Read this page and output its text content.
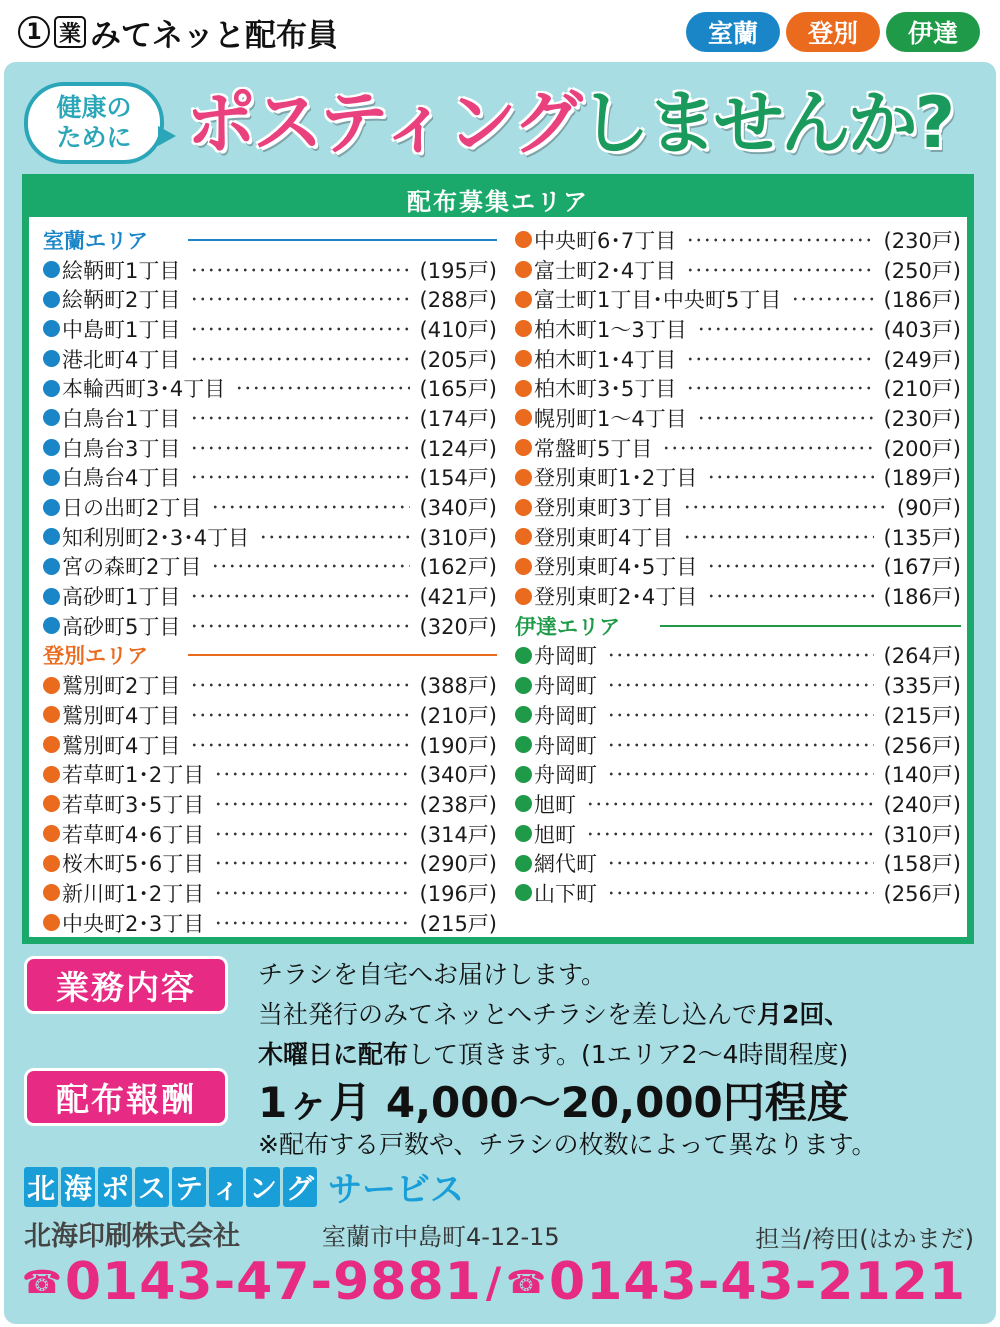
1 業 みてネッと配布員	室蘭	登別	伊達
健康の
ために ポスティングしませんか?
配布募集エリア
室蘭エリア
絵鞆町1丁目	(195戸)
絵鞆町2丁目	(288戸)
中島町1丁目	(410戸)
港北町4丁目	(205戸)
本輪西町3･4丁目	(165戸)
白鳥台1丁目	(174戸)
白鳥台3丁目	(124戸)
白鳥台4丁目	(154戸)
日の出町2丁目	(340戸)
知利別町2･3･4丁目	(310戸)
宮の森町2丁目	(162戸)
高砂町1丁目	(421戸)
高砂町5丁目	(320戸)
登別エリア
鷲別町2丁目	(388戸)
鷲別町4丁目	(210戸)
鷲別町4丁目	(190戸)
若草町1･2丁目	(340戸)
若草町3･5丁目	(238戸)
若草町4･6丁目	(314戸)
桜木町5･6丁目	(290戸)
新川町1･2丁目	(196戸)
中央町2･3丁目	(215戸)
中央町6･7丁目	(230戸)
富士町2･4丁目	(250戸)
富士町1丁目･中央町5丁目	(186戸)
柏木町1～3丁目	(403戸)
柏木町1･4丁目	(249戸)
柏木町3･5丁目	(210戸)
幌別町1～4丁目	(230戸)
常盤町5丁目	(200戸)
登別東町1･2丁目	(189戸)
登別東町3丁目	(90戸)
登別東町4丁目	(135戸)
登別東町4･5丁目	(167戸)
登別東町2･4丁目	(186戸)
伊達エリア
舟岡町	(264戸)
舟岡町	(335戸)
舟岡町	(215戸)
舟岡町	(256戸)
舟岡町	(140戸)
旭町	(240戸)
旭町	(310戸)
網代町	(158戸)
山下町	(256戸)
業務内容	チラシを自宅へお届けします。
当社発行のみてネッとへチラシを差し込んで月2回、
木曜日に配布して頂きます。(1エリア2～4時間程度)
配布報酬	1ヶ月 4,000～20,000円程度
※配布する戸数や、チラシの枚数によって異なります。
北 海 ポ ス テ ィ ン グ サービス
北海印刷株式会社	室蘭市中島町4-12-15	担当/袴田(はかまだ)
☎ 0143-47-9881 / ☎ 0143-43-2121
